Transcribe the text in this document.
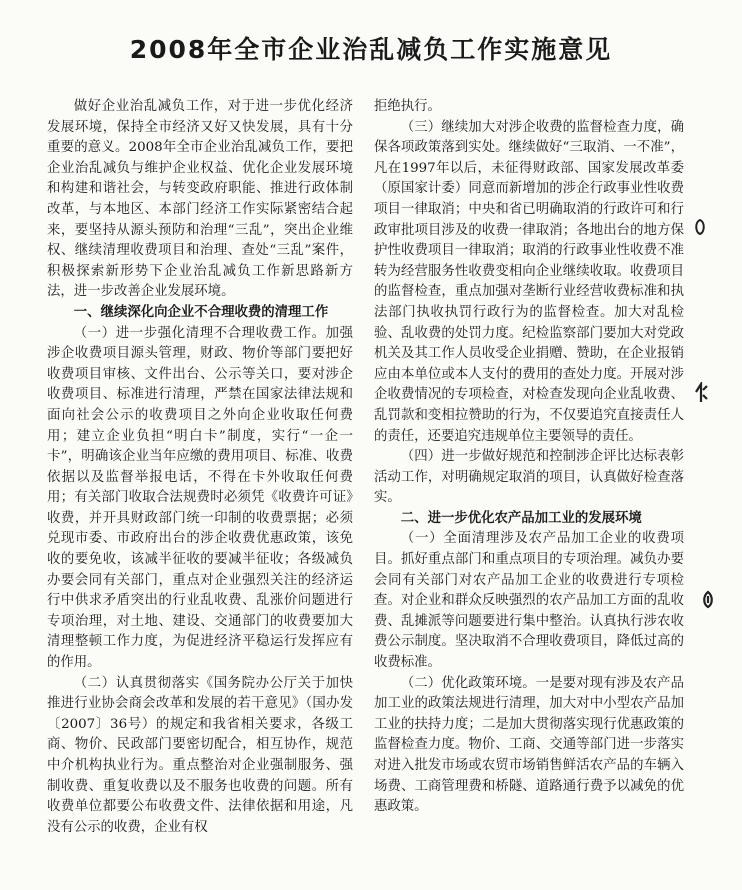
2008年全市企业治乱减负工作实施意见

做好企业治乱减负工作，对于进一步优化经济发展环境，保持全市经济又好又快发展，具有十分重要的意义。2008年全市企业治乱减负工作，要把企业治乱减负与维护企业权益、优化企业发展环境和构建和谐社会，与转变政府职能、推进行政体制改革，与本地区、本部门经济工作实际紧密结合起来，要坚持从源头预防和治理“三乱”，突出企业维权、继续清理收费项目和治理、查处“三乱”案件，积极探索新形势下企业治乱减负工作新思路新方法，进一步改善企业发展环境。

一、继续深化向企业不合理收费的清理工作

（一）进一步强化清理不合理收费工作。加强涉企收费项目源头管理，财政、物价等部门要把好收费项目审核、文件出台、公示等关口，要对涉企收费项目、标准进行清理，严禁在国家法律法规和面向社会公示的收费项目之外向企业收取任何费用；建立企业负担“明白卡”制度，实行“一企一卡”，明确该企业当年应缴的费用项目、标准、收费依据以及监督举报电话，不得在卡外收取任何费用；有关部门收取合法规费时必须凭《收费许可证》收费，并开具财政部门统一印制的收费票据；必须兑现市委、市政府出台的涉企收费优惠政策，该免收的要免收，该减半征收的要减半征收；各级减负办要会同有关部门，重点对企业强烈关注的经济运行中供求矛盾突出的行业乱收费、乱涨价问题进行专项治理，对土地、建设、交通部门的收费要加大清理整顿工作力度，为促进经济平稳运行发挥应有的作用。

（二）认真贯彻落实《国务院办公厅关于加快推进行业协会商会改革和发展的若干意见》（国办发〔2007〕36号）的规定和我省相关要求，各级工商、物价、民政部门要密切配合，相互协作，规范中介机构执业行为。重点整治对企业强制服务、强制收费、重复收费以及不服务也收费的问题。所有收费单位都要公布收费文件、法律依据和用途，凡没有公示的收费，企业有权

拒绝执行。

（三）继续加大对涉企收费的监督检查力度，确保各项政策落到实处。继续做好“三取消、一不准”，凡在1997年以后，未征得财政部、国家发展改革委（原国家计委）同意而新增加的涉企行政事业性收费项目一律取消；中央和省已明确取消的行政许可和行政审批项目涉及的收费一律取消；各地出台的地方保护性收费项目一律取消；取消的行政事业性收费不准转为经营服务性收费变相向企业继续收取。收费项目的监督检查，重点加强对垄断行业经营收费标准和执法部门执收执罚行政行为的监督检查。加大对乱检验、乱收费的处罚力度。纪检监察部门要加大对党政机关及其工作人员收受企业捐赠、赞助，在企业报销应由本单位或本人支付的费用的查处力度。开展对涉企收费情况的专项检查，对检查发现向企业乱收费、乱罚款和变相拉赞助的行为，不仅要追究直接责任人的责任，还要追究违规单位主要领导的责任。

（四）进一步做好规范和控制涉企评比达标表彰活动工作，对明确规定取消的项目，认真做好检查落实。

二、进一步优化农产品加工业的发展环境

（一）全面清理涉及农产品加工企业的收费项目。抓好重点部门和重点项目的专项治理。减负办要会同有关部门对农产品加工企业的收费进行专项检查。对企业和群众反映强烈的农产品加工方面的乱收费、乱摊派等问题要进行集中整治。认真执行涉农收费公示制度。坚决取消不合理收费项目，降低过高的收费标准。

（二）优化政策环境。一是要对现有涉及农产品加工业的政策法规进行清理，加大对中小型农产品加工业的扶持力度；二是加大贯彻落实现行优惠政策的监督检查力度。物价、工商、交通等部门进一步落实对进入批发市场或农贸市场销售鲜活农产品的车辆入场费、工商管理费和桥隧、道路通行费予以减免的优惠政策。
